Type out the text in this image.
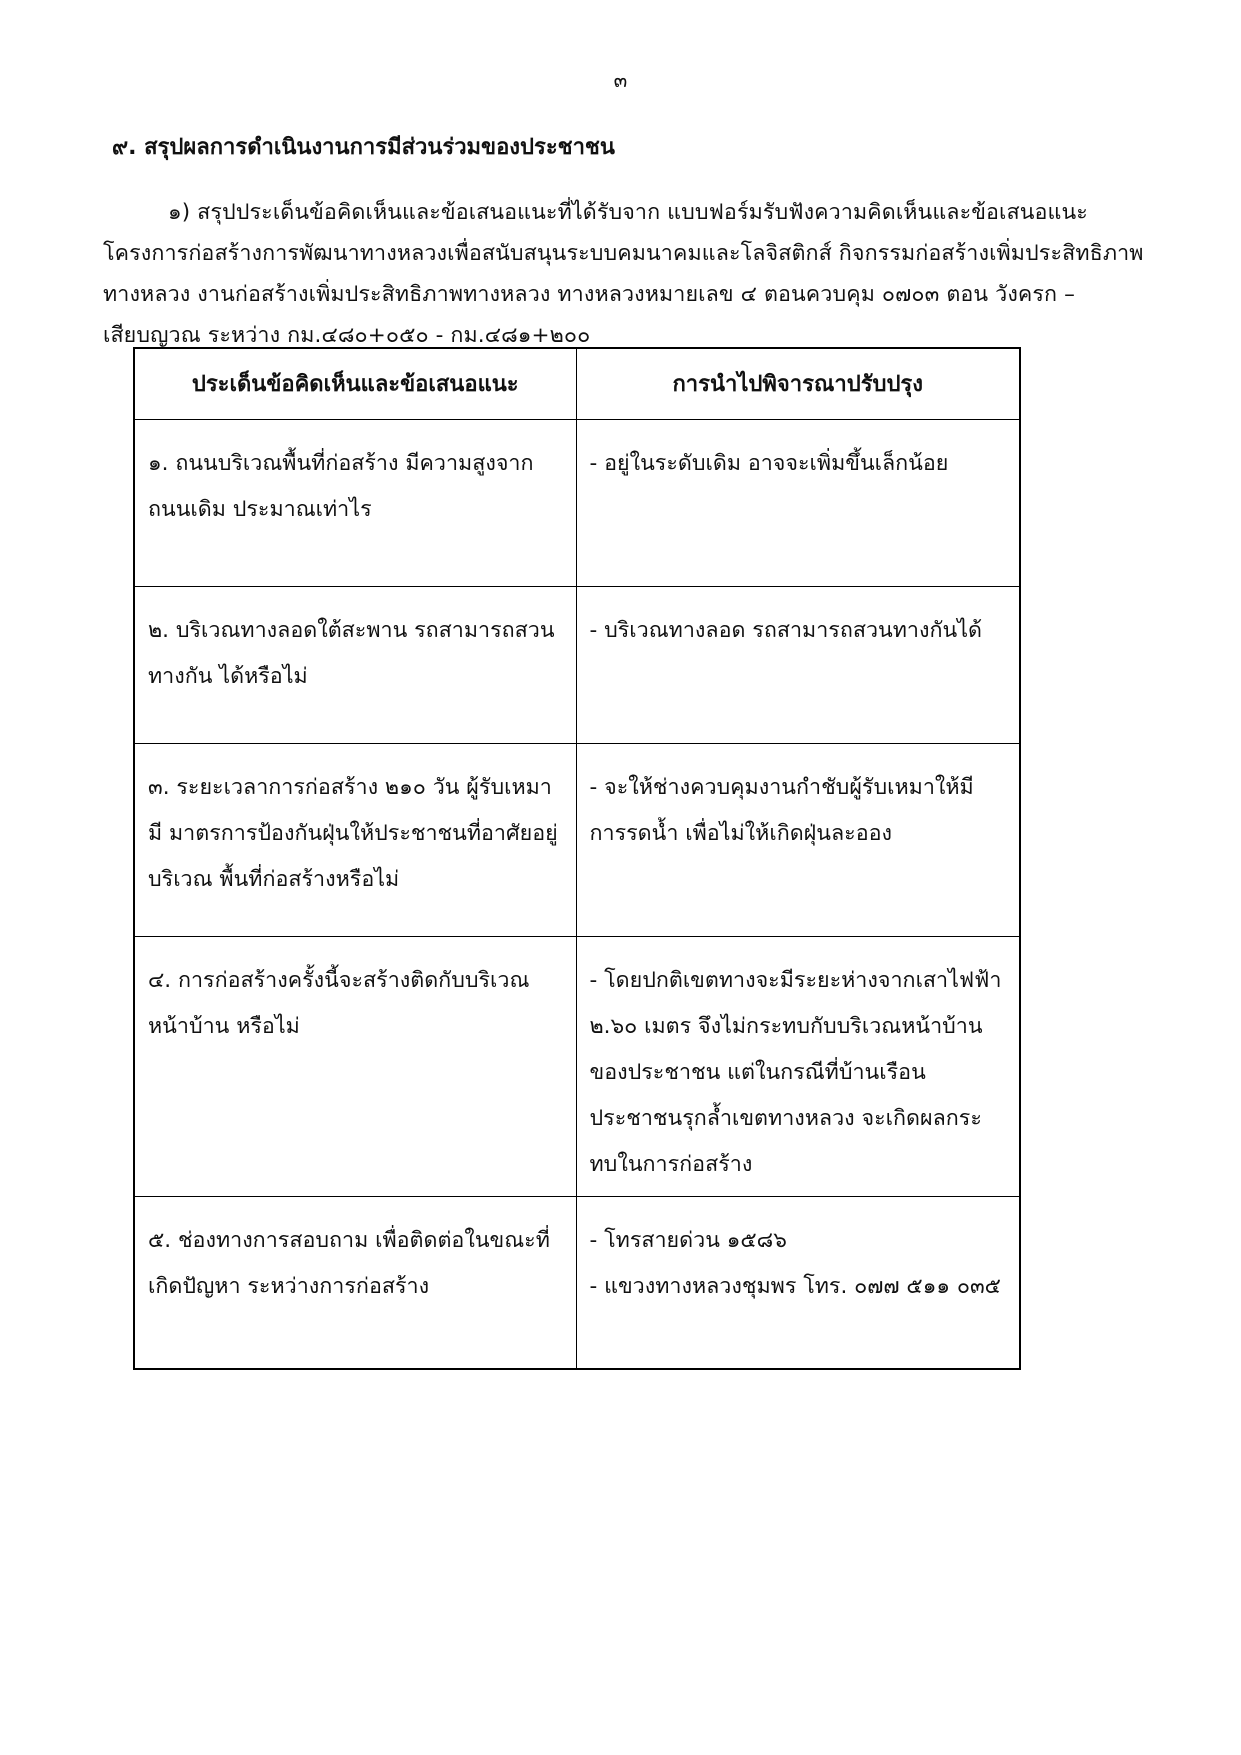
๓
๙. สรุปผลการดำเนินงานการมีส่วนร่วมของประชาชน
๑) สรุปประเด็นข้อคิดเห็นและข้อเสนอแนะที่ได้รับจาก แบบฟอร์มรับฟังความคิดเห็นและข้อเสนอแนะ
โครงการก่อสร้างการพัฒนาทางหลวงเพื่อสนับสนุนระบบคมนาคมและโลจิสติกส์ กิจกรรมก่อสร้างเพิ่มประสิทธิภาพ
ทางหลวง งานก่อสร้างเพิ่มประสิทธิภาพทางหลวง ทางหลวงหมายเลข ๔ ตอนควบคุม ๐๗๐๓ ตอน วังครก –
เสียบญวณ ระหว่าง กม.๔๘๐+๐๕๐ - กม.๔๘๑+๒๐๐
ประเด็นข้อคิดเห็นและข้อเสนอแนะ	การนำไปพิจารณาปรับปรุง

๑. ถนนบริเวณพื้นที่ก่อสร้าง มีความสูงจากถนนเดิม ประมาณเท่าไร	- อยู่ในระดับเดิม อาจจะเพิ่มขึ้นเล็กน้อย

๒. บริเวณทางลอดใต้สะพาน รถสามารถสวนทางกัน ได้หรือไม่	- บริเวณทางลอด รถสามารถสวนทางกันได้

๓. ระยะเวลาการก่อสร้าง ๒๑๐ วัน ผู้รับเหมามี มาตรการป้องกันฝุ่นให้ประชาชนที่อาศัยอยู่บริเวณ พื้นที่ก่อสร้างหรือไม่	- จะให้ช่างควบคุมงานกำชับผู้รับเหมาให้มีการรดน้ำ เพื่อไม่ให้เกิดฝุ่นละออง

๔. การก่อสร้างครั้งนี้จะสร้างติดกับบริเวณหน้าบ้าน หรือไม่	- โดยปกติเขตทางจะมีระยะห่างจากเสาไฟฟ้า ๒.๖๐ เมตร จึงไม่กระทบกับบริเวณหน้าบ้านของประชาชน แต่ในกรณีที่บ้านเรือนประชาชนรุกล้ำเขตทางหลวง จะเกิดผลกระทบในการก่อสร้าง

๕. ช่องทางการสอบถาม เพื่อติดต่อในขณะที่เกิดปัญหา ระหว่างการก่อสร้าง	- โทรสายด่วน ๑๕๘๖

- แขวงทางหลวงชุมพร โทร. ๐๗๗ ๕๑๑ ๐๓๕
